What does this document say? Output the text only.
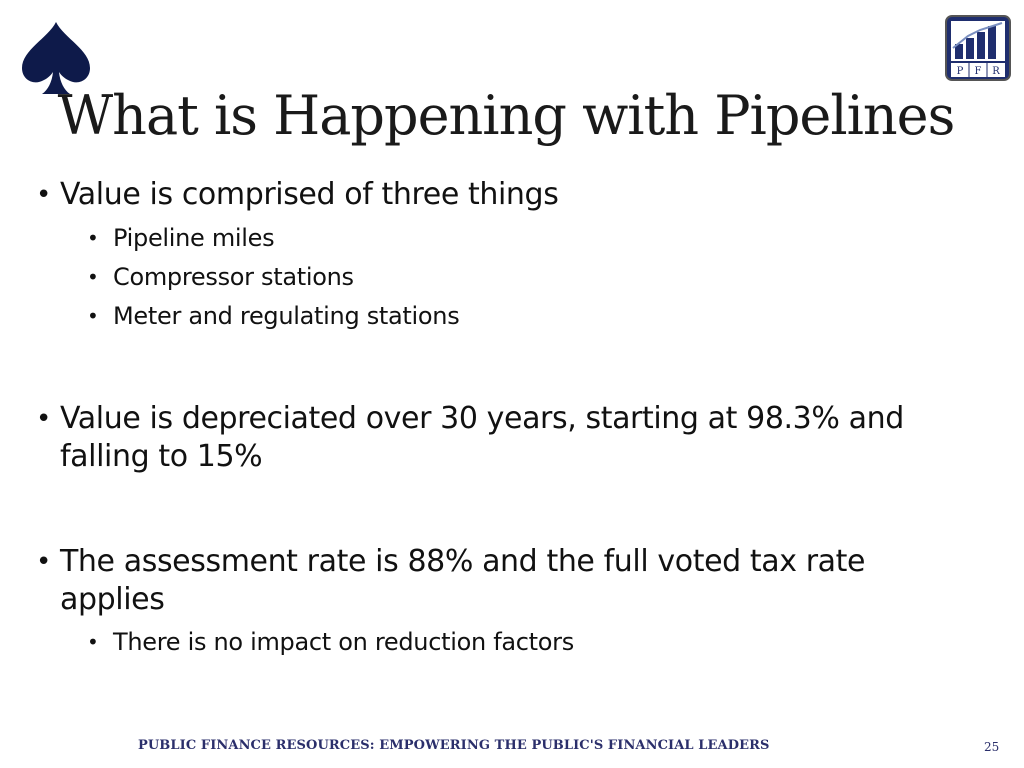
P F R
What is Happening with Pipelines
• Value is comprised of three things
• Pipeline miles
• Compressor stations
• Meter and regulating stations
• Value is depreciated over 30 years, starting at 98.3% and falling to 15%
• The assessment rate is 88% and the full voted tax rate applies
• There is no impact on reduction factors
PUBLIC FINANCE RESOURCES: EMPOWERING THE PUBLIC'S FINANCIAL LEADERS	25
